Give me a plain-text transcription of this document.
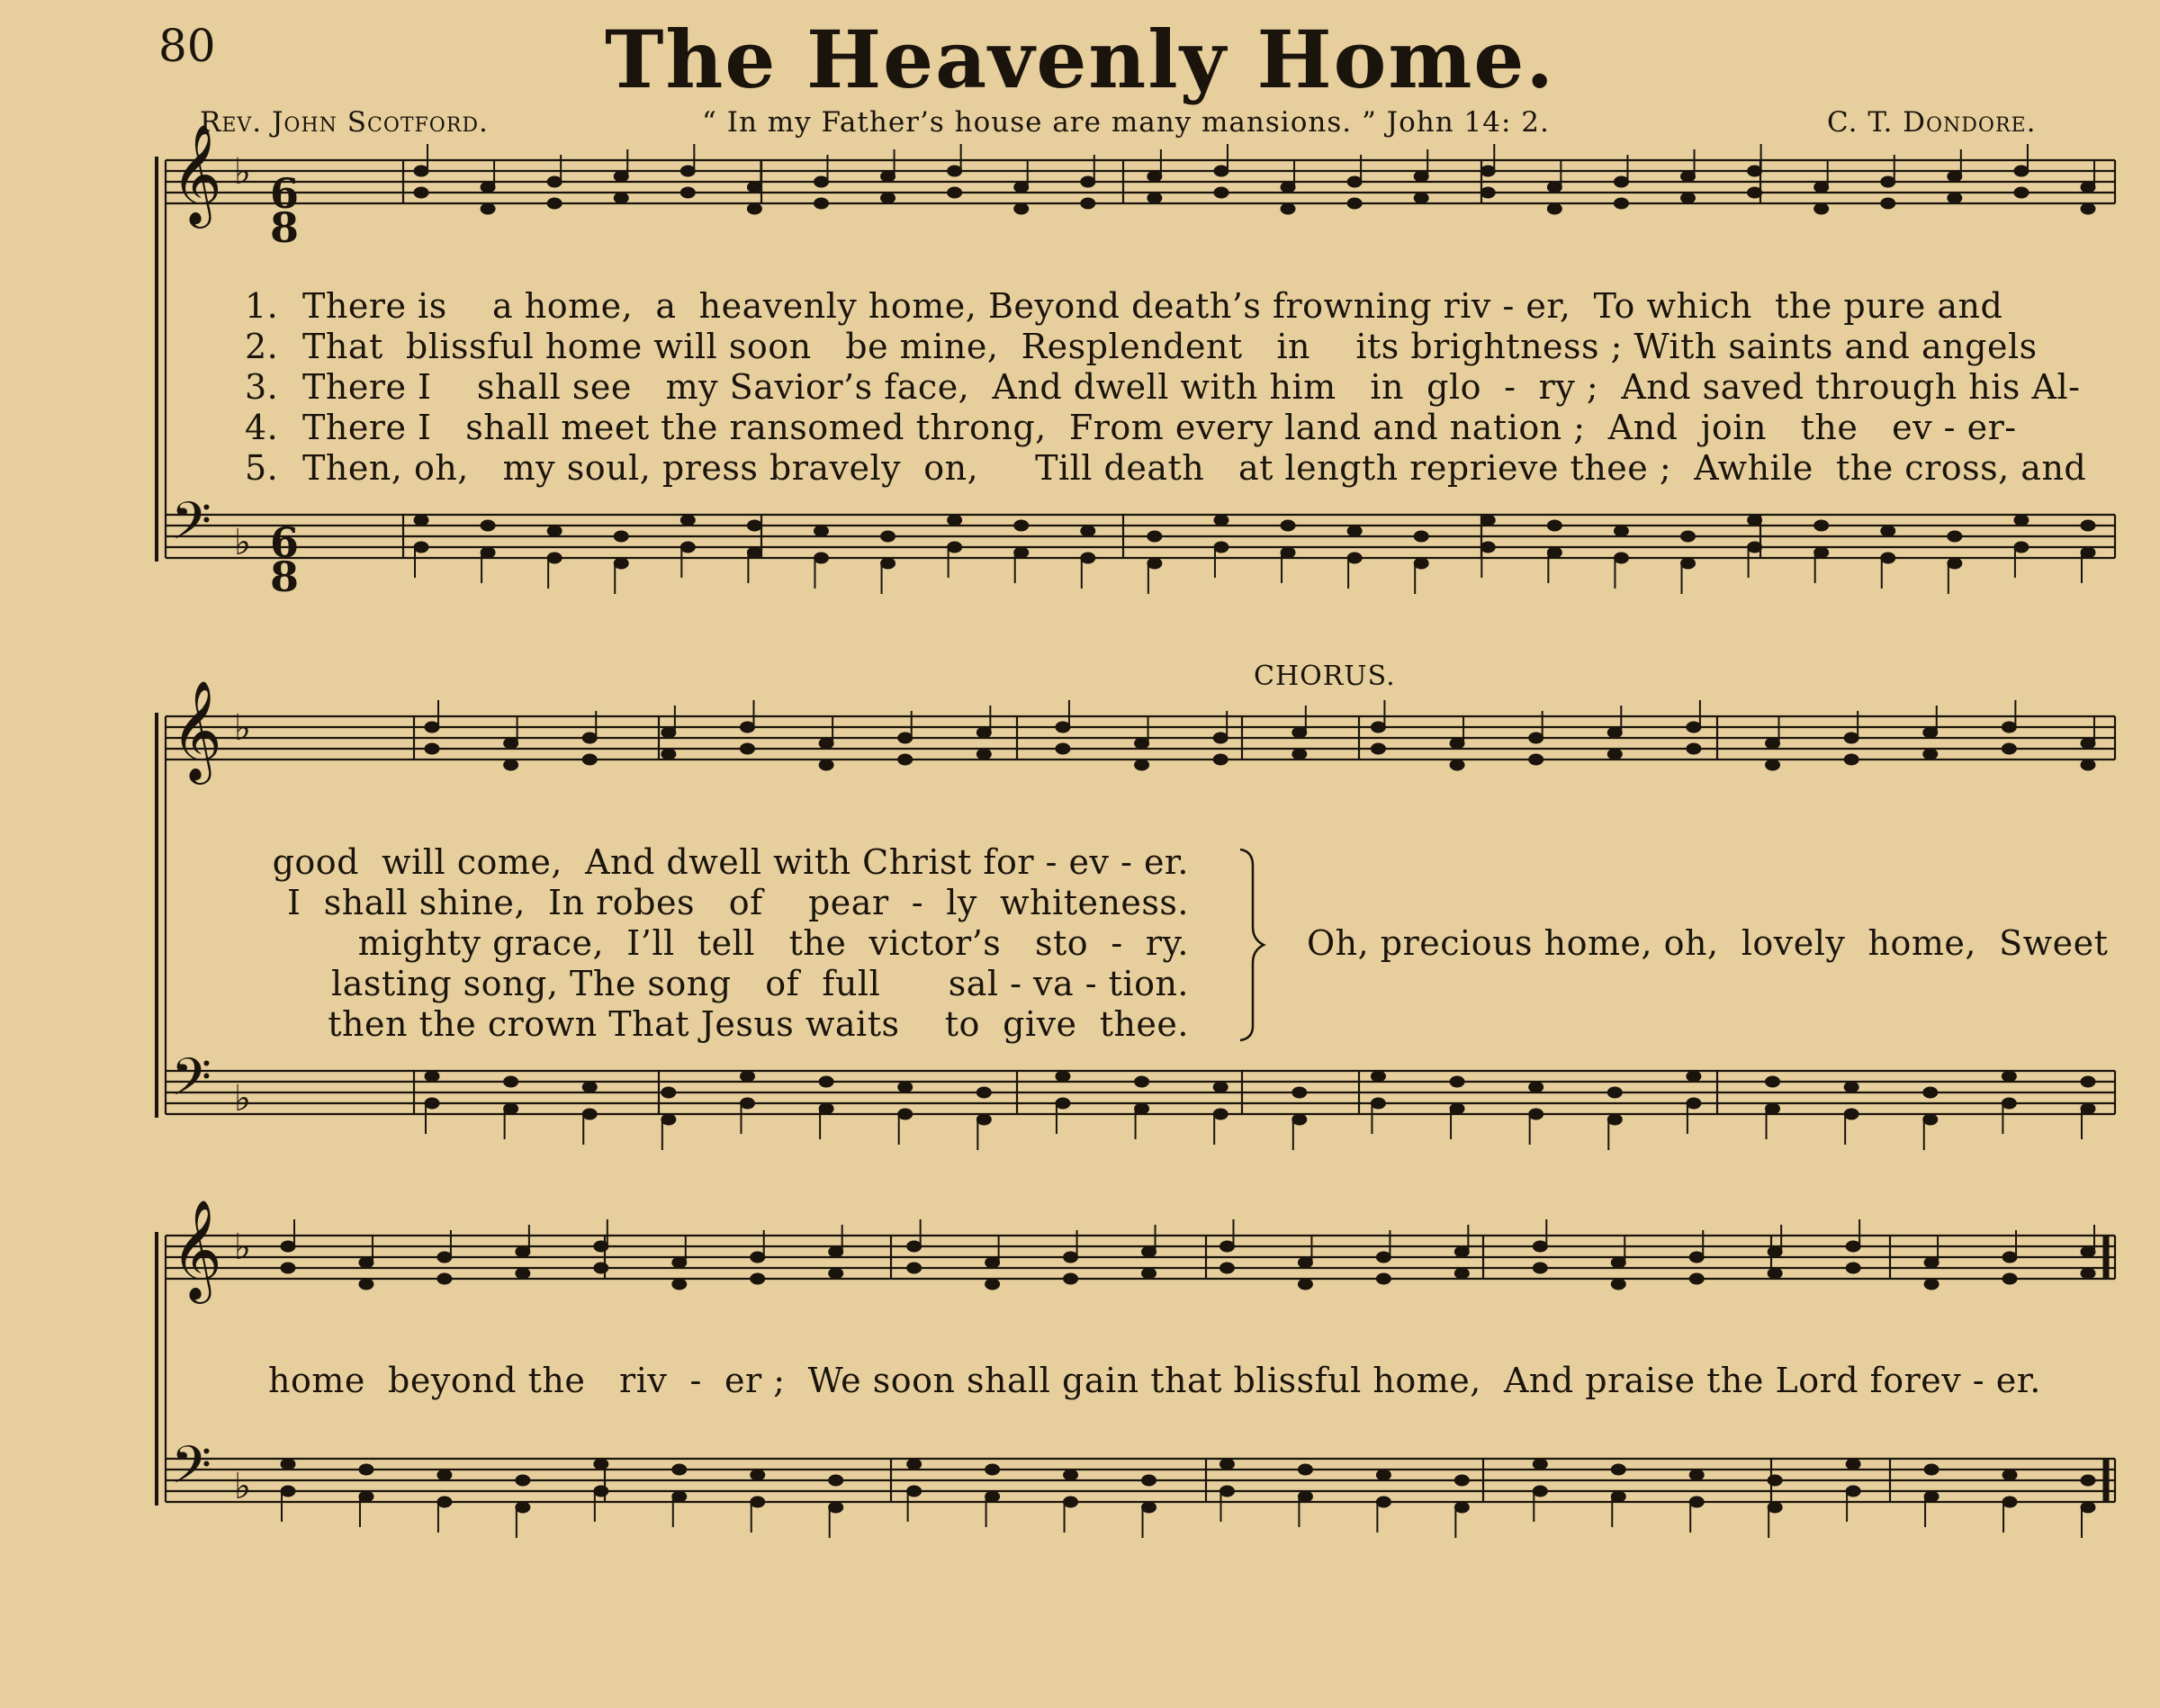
80	The Heavenly Home.
Rev. John Scotford.	“ In my Father’s house are many mansions. ” John 14: 2.	C. T. Dondore.
𝄞 ♭
𝄢 ♭
𝄞 ♭
𝄢 ♭
𝄞 ♭
𝄢 ♭
6
8
6
8
1. There is    a home,  a  heavenly home, Beyond death’s frowning riv - er,  To which  the pure and
2. That  blissful home will soon   be mine,  Resplendent   in    its brightness ; With saints and angels
3. There I    shall see   my Savior’s face,  And dwell with him   in  glo  -  ry ;  And saved through his Al-
4. There I   shall meet the ransomed throng,  From every land and nation ;  And  join   the   ev - er-
5. Then, oh,   my soul, press bravely  on,     Till death   at length reprieve thee ;  Awhile  the cross, and
CHORUS.
good  will come,  And dwell with Christ for - ev - er.
I  shall shine,  In robes   of    pear  -  ly  whiteness.
mighty grace,  I’ll  tell   the  victor’s   sto  -  ry.
lasting song, The song   of  full      sal - va - tion.
then the crown That Jesus waits    to  give  thee.
Oh, precious home, oh,  lovely  home,  Sweet
home  beyond the   riv  -  er ;  We soon shall gain that blissful home,  And praise the Lord forev - er.
